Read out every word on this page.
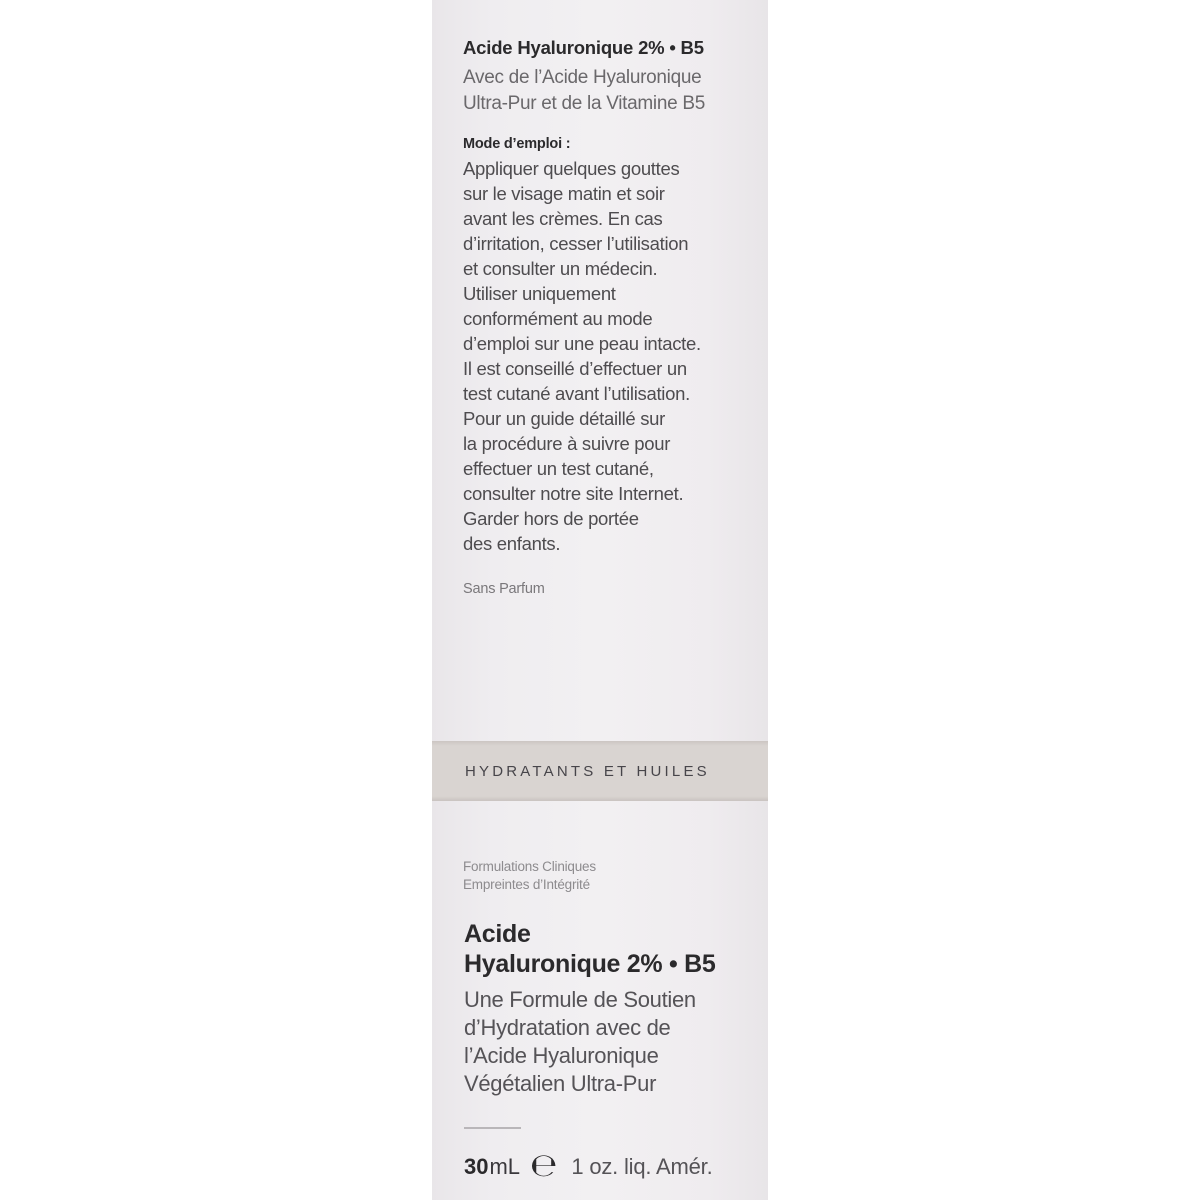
Acide Hyaluronique 2% • B5
Avec de l’Acide Hyaluronique
Ultra-Pur et de la Vitamine B5
Mode d’emploi :
Appliquer quelques gouttes
sur le visage matin et soir
avant les crèmes. En cas
d’irritation, cesser l’utilisation
et consulter un médecin.
Utiliser uniquement
conformément au mode
d’emploi sur une peau intacte.
Il est conseillé d’effectuer un
test cutané avant l’utilisation.
Pour un guide détaillé sur
la procédure à suivre pour
effectuer un test cutané,
consulter notre site Internet.
Garder hors de portée
des enfants.
Sans Parfum
HYDRATANTS ET HUILES
Formulations Cliniques
Empreintes d’Intégrité
Acide
Hyaluronique 2% • B5
Une Formule de Soutien
d’Hydratation avec de
l’Acide Hyaluronique
Végétalien Ultra-Pur
30 mL ℮ 1 oz. liq. Amér.
